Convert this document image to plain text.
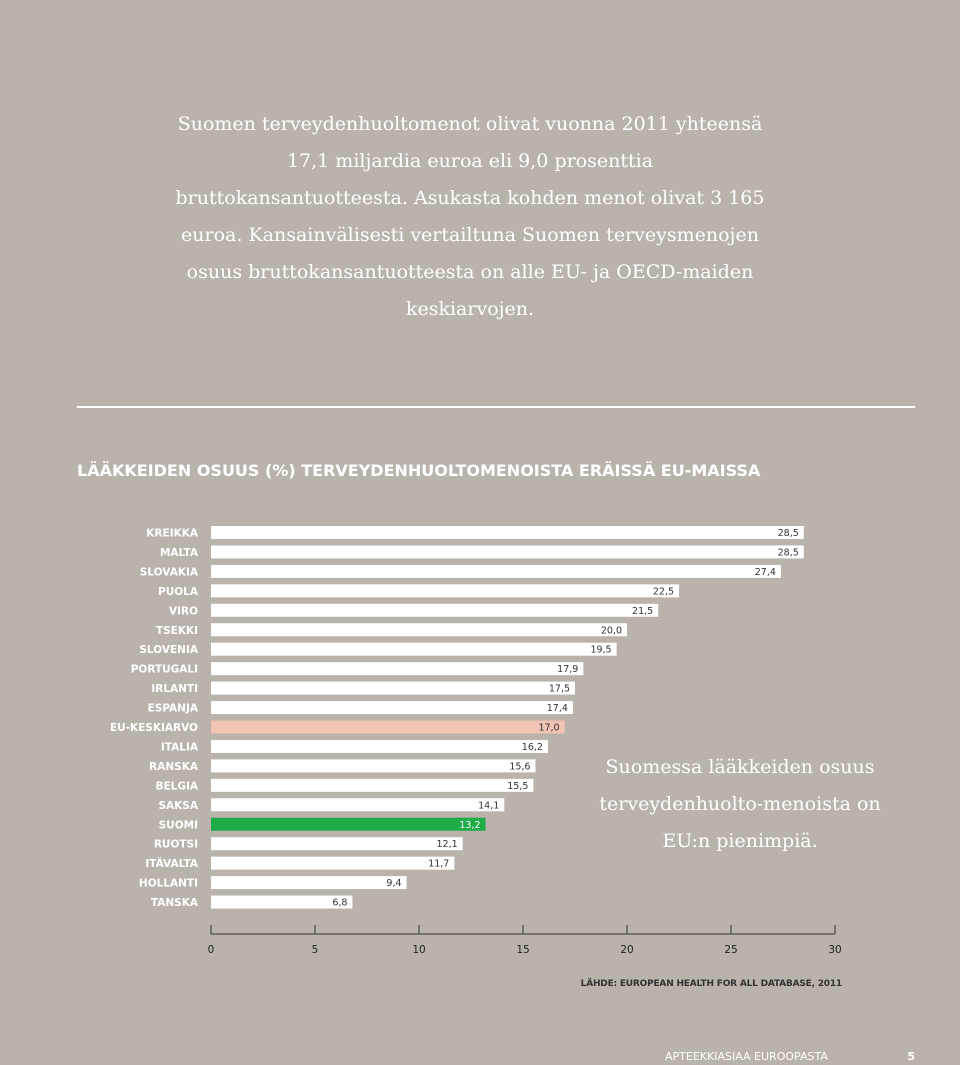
Suomen terveydenhuoltomenot olivat vuonna 2011 yhteensä 17,1 miljardia euroa eli 9,0 prosenttia bruttokansantuotteesta. Asukasta kohden menot olivat 3 165 euroa. Kansainvälisesti vertailtuna Suomen terveysmenojen osuus bruttokansantuotteesta on alle EU- ja OECD-maiden keskiarvojen.
LÄÄKKEIDEN OSUUS (%) TERVEYDENHUOLTOMENOISTA ERÄISSÄ EU-MAISSA
KREIKKA	28,5
MALTA	28,5
SLOVAKIA	27,4
PUOLA	22,5
VIRO	21,5
TSEKKI	20,0
SLOVENIA	19,5
PORTUGALI	17,9
IRLANTI	17,5
ESPANJA	17,4
EU-KESKIARVO	17,0
ITALIA	16,2
RANSKA	15,6
BELGIA	15,5
SAKSA	14,1
SUOMI	13,2
RUOTSI	12,1
ITÄVALTA	11,7
HOLLANTI	9,4
TANSKA	6,8
0	5	10	15	20	25	30
Suomessa lääkkeiden osuus terveydenhuolto-menoista on EU:n pienimpiä.
LÄHDE: EUROPEAN HEALTH FOR ALL DATABASE, 2011
APTEEKKIASIAA EUROOPASTA	5
